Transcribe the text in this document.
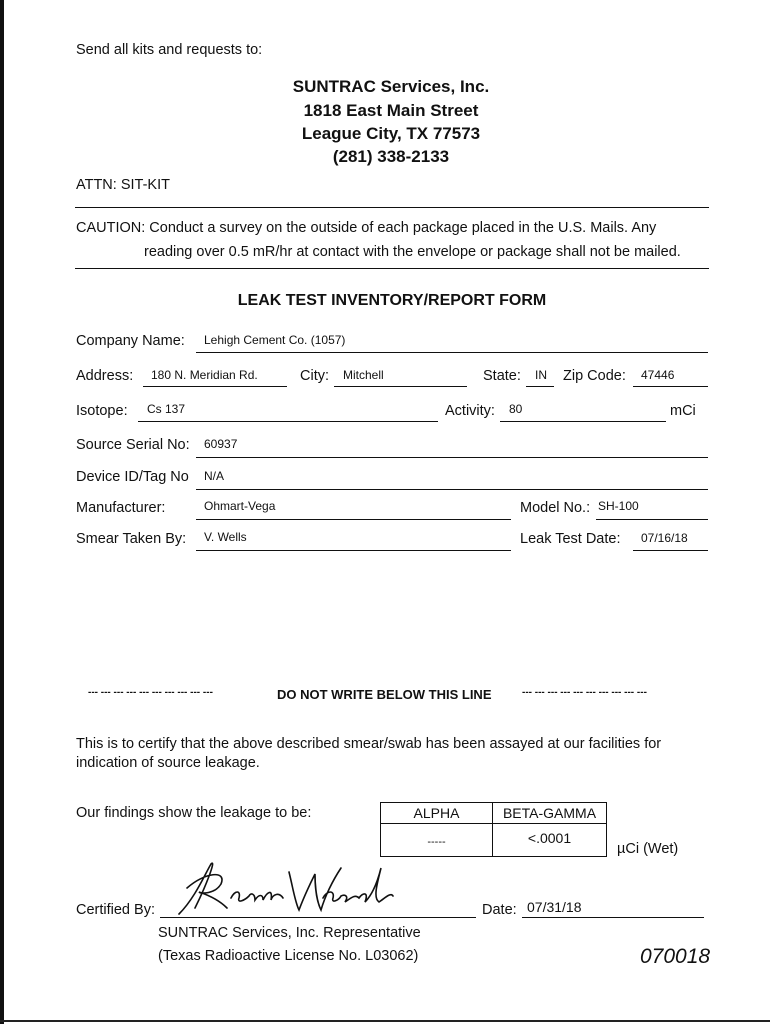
Send all kits and requests to:
SUNTRAC Services, Inc.
1818 East Main Street
League City, TX 77573
(281) 338-2133
ATTN: SIT-KIT
CAUTION: Conduct a survey on the outside of each package placed in the U.S. Mails. Any
reading over 0.5 mR/hr at contact with the envelope or package shall not be mailed.
LEAK TEST INVENTORY/REPORT FORM
Company Name: Lehigh Cement Co. (1057)
Address: 180 N. Meridian Rd.	City: Mitchell	State: IN Zip Code: 47446
Isotope: Cs 137	Activity: 80	mCi
Source Serial No: 60937
Device ID/Tag No N/A
Manufacturer:	Ohmart-Vega	Model No.: SH-100
Smear Taken By: V. Wells	Leak Test Date: 07/16/18
--- --- --- --- --- --- --- --- --- ---	DO NOT WRITE BELOW THIS LINE	--- --- --- --- --- --- --- --- --- ---
This is to certify that the above described smear/swab has been assayed at our facilities for
indication of source leakage.
Our findings show the leakage to be:	ALPHA	BETA-GAMMA
-----	<.0001
µCi (Wet)
Certified By:	Date: 07/31/18
SUNTRAC Services, Inc. Representative
(Texas Radioactive License No. L03062)	070018
